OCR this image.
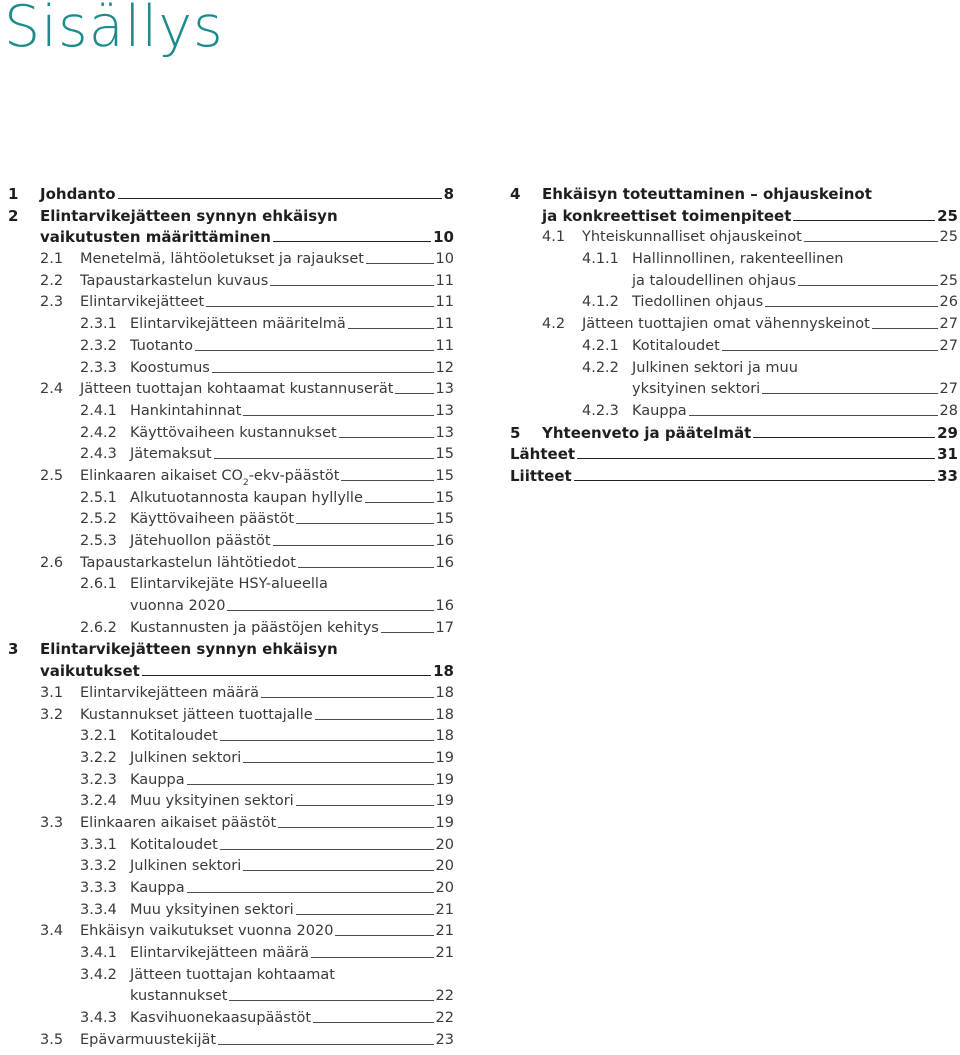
Sisällys
1 Johdanto	8
2 Elintarvikejätteen synnyn ehkäisyn
vaikutusten määrittäminen	10
2.1 Menetelmä, lähtöoletukset ja rajaukset	10
2.2 Tapaustarkastelun kuvaus	11
2.3 Elintarvikejätteet	11
2.3.1 Elintarvikejätteen määritelmä	11
2.3.2 Tuotanto	11
2.3.3 Koostumus	12
2.4 Jätteen tuottajan kohtaamat kustannuserät	13
2.4.1 Hankintahinnat	13
2.4.2 Käyttövaiheen kustannukset	13
2.4.3 Jätemaksut	15
2.5 Elinkaaren aikaiset $CO_2-ekv$-päästöt	15
2.5.1 Alkutuotannosta kaupan hyllylle	15
2.5.2 Käyttövaiheen päästöt	15
2.5.3 Jätehuollon päästöt	16
2.6 Tapaustarkastelun lähtötiedot	16
2.6.1 Elintarvikejäte HSY-alueella
vuonna 2020	16
2.6.2 Kustannusten ja päästöjen kehitys	17
3 Elintarvikejätteen synnyn ehkäisyn
vaikutukset	18
3.1 Elintarvikejätteen määrä	18
3.2 Kustannukset jätteen tuottajalle	18
3.2.1 Kotitaloudet	18
3.2.2 Julkinen sektori	19
3.2.3 Kauppa	19
3.2.4 Muu yksityinen sektori	19
3.3 Elinkaaren aikaiset päästöt	19
3.3.1 Kotitaloudet	20
3.3.2 Julkinen sektori	20
3.3.3 Kauppa	20
3.3.4 Muu yksityinen sektori	21
3.4 Ehkäisyn vaikutukset vuonna 2020	21
3.4.1 Elintarvikejätteen määrä	21
3.4.2 Jätteen tuottajan kohtaamat
kustannukset	22
3.4.3 Kasvihuonekaasupäästöt	22
3.5 Epävarmuustekijät	23
4 Ehkäisyn toteuttaminen – ohjauskeinot
ja konkreettiset toimenpiteet	25
4.1 Yhteiskunnalliset ohjauskeinot	25
4.1.1 Hallinnollinen, rakenteellinen
ja taloudellinen ohjaus	25
4.1.2 Tiedollinen ohjaus	26
4.2 Jätteen tuottajien omat vähennyskeinot	27
4.2.1 Kotitaloudet	27
4.2.2 Julkinen sektori ja muu
yksityinen sektori	27
4.2.3 Kauppa	28
5 Yhteenveto ja päätelmät	29
Lähteet	31
Liitteet	33
